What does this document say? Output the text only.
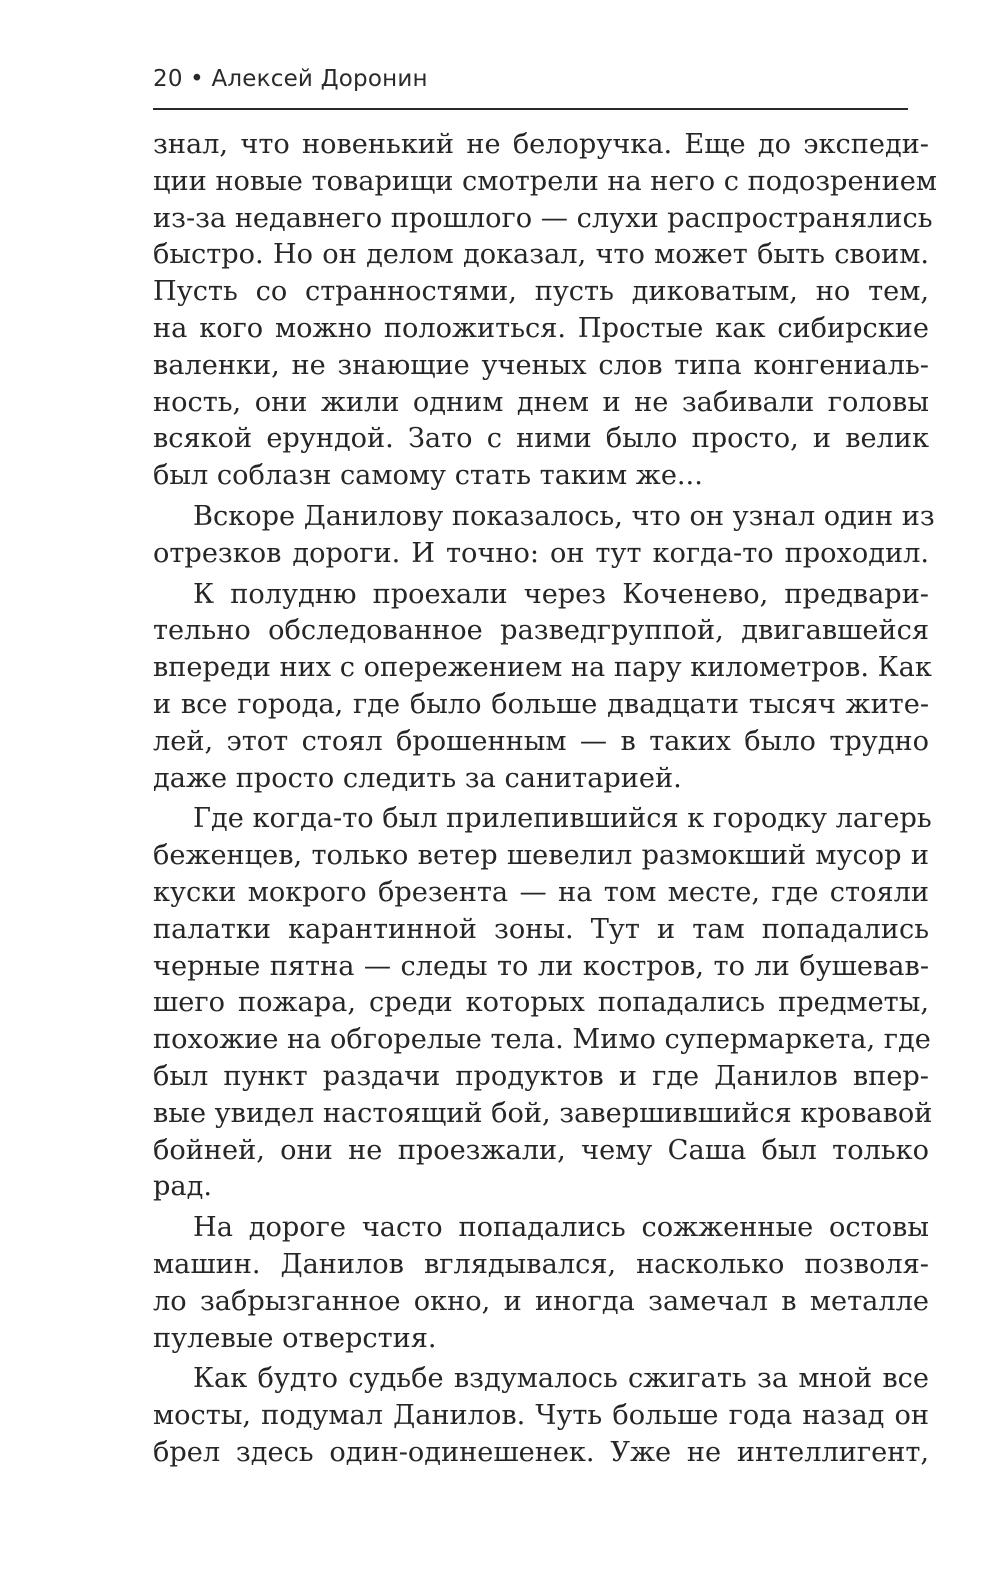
20 • Алексей Доронин
знал, что новенький не белоручка. Еще до экспеди-
ции новые товарищи смотрели на него с подозрением
из-за недавнего прошлого — слухи распространялись
быстро. Но он делом доказал, что может быть своим.
Пусть со странностями, пусть диковатым, но тем,
на кого можно положиться. Простые как сибирские
валенки, не знающие ученых слов типа конгениаль-
ность, они жили одним днем и не забивали головы
всякой ерундой. Зато с ними было просто, и велик
был соблазн самому стать таким же...
Вскоре Данилову показалось, что он узнал один из
отрезков дороги. И точно: он тут когда-то проходил.
К полудню проехали через Коченево, предвари-
тельно обследованное разведгруппой, двигавшейся
впереди них с опережением на пару километров. Как
и все города, где было больше двадцати тысяч жите-
лей, этот стоял брошенным — в таких было трудно
даже просто следить за санитарией.
Где когда-то был прилепившийся к городку лагерь
беженцев, только ветер шевелил размокший мусор и
куски мокрого брезента — на том месте, где стояли
палатки карантинной зоны. Тут и там попадались
черные пятна — следы то ли костров, то ли бушевав-
шего пожара, среди которых попадались предметы,
похожие на обгорелые тела. Мимо супермаркета, где
был пункт раздачи продуктов и где Данилов впер-
вые увидел настоящий бой, завершившийся кровавой
бойней, они не проезжали, чему Саша был только
рад.
На дороге часто попадались сожженные остовы
машин. Данилов вглядывался, насколько позволя-
ло забрызганное окно, и иногда замечал в металле
пулевые отверстия.
Как будто судьбе вздумалось сжигать за мной все
мосты, подумал Данилов. Чуть больше года назад он
брел здесь один-одинешенек. Уже не интеллигент,
